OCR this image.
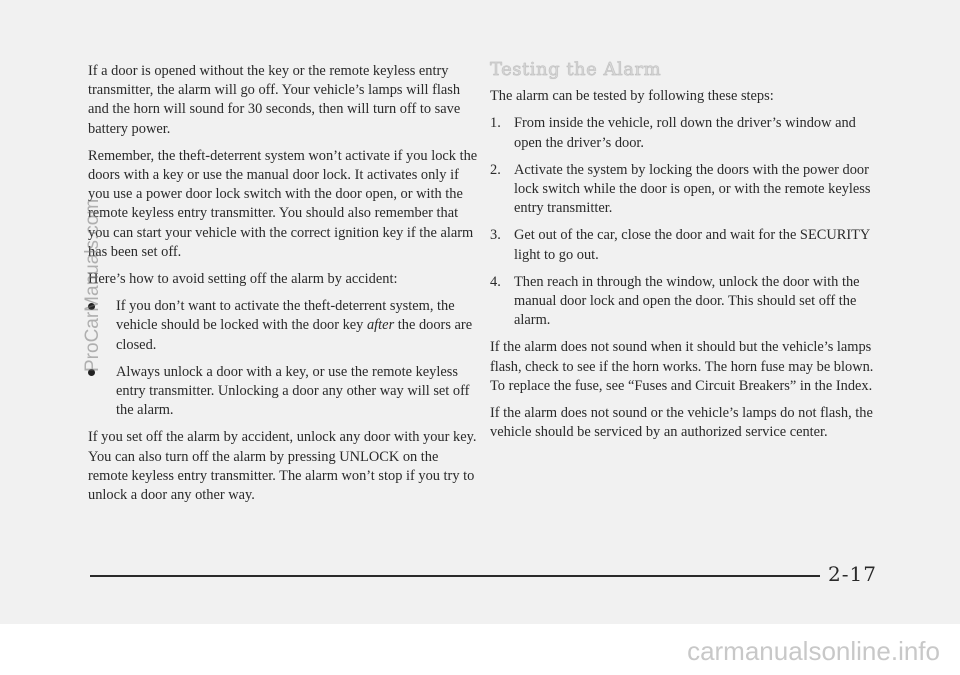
If a door is opened without the key or the remote keyless entry transmitter, the alarm will go off. Your vehicle’s lamps will flash and the horn will sound for 30 seconds, then will turn off to save battery power.

Remember, the theft-deterrent system won’t activate if you lock the doors with a key or use the manual door lock. It activates only if you use a power door lock switch with the door open, or with the remote keyless entry transmitter. You should also remember that you can start your vehicle with the correct ignition key if the alarm has been set off.

Here’s how to avoid setting off the alarm by accident:

If you don’t want to activate the theft-deterrent system, the vehicle should be locked with the door key after the doors are closed.
Always unlock a door with a key, or use the remote keyless entry transmitter. Unlocking a door any other way will set off the alarm.

If you set off the alarm by accident, unlock any door with your key. You can also turn off the alarm by pressing UNLOCK on the remote keyless entry transmitter. The alarm won’t stop if you try to unlock a door any other way.

Testing the Alarm

The alarm can be tested by following these steps:

1. From inside the vehicle, roll down the driver’s window and open the driver’s door.
2. Activate the system by locking the doors with the power door lock switch while the door is open, or with the remote keyless entry transmitter.
3. Get out of the car, close the door and wait for the SECURITY light to go out.
4. Then reach in through the window, unlock the door with the manual door lock and open the door. This should set off the alarm.

If the alarm does not sound when it should but the vehicle’s lamps flash, check to see if the horn works. The horn fuse may be blown. To replace the fuse, see “Fuses and Circuit Breakers” in the Index.

If the alarm does not sound or the vehicle’s lamps do not flash, the vehicle should be serviced by an authorized service center.

2-17
ProCarManuals.com
carmanualsonline.info
